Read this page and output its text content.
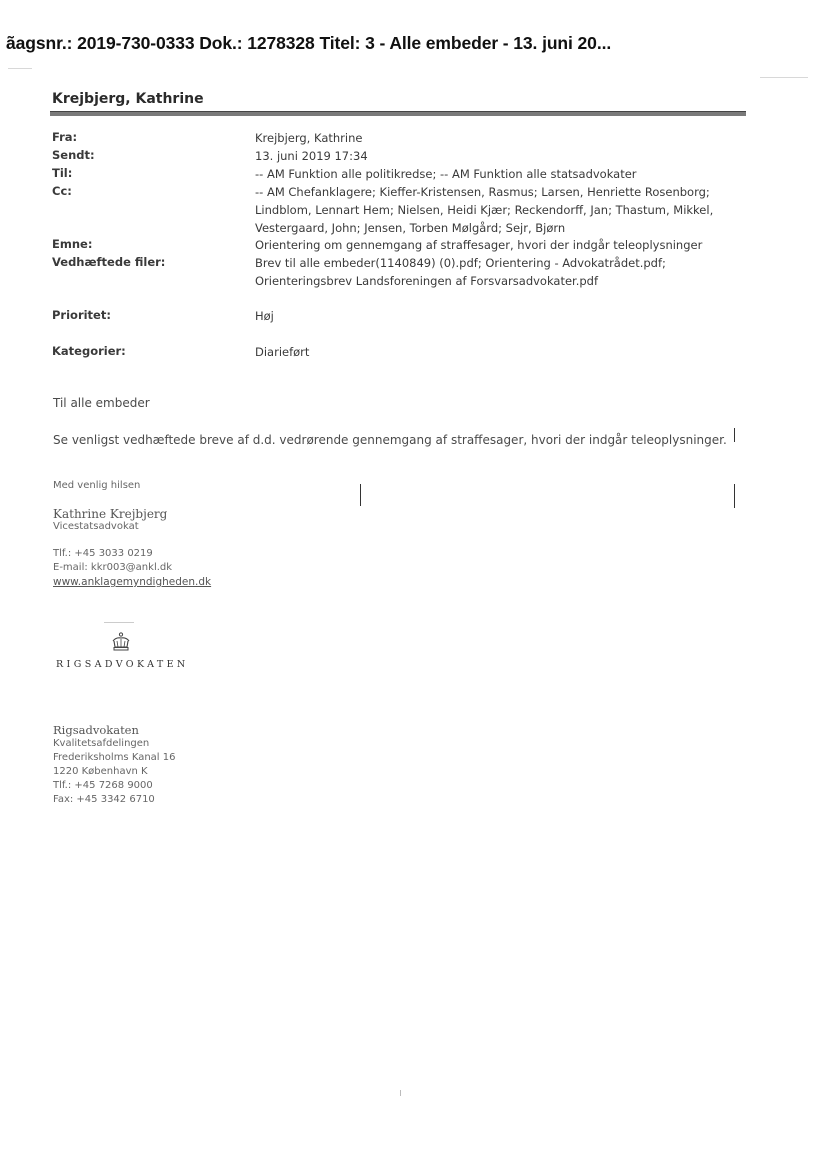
ãagsnr.: 2019-730-0333 Dok.: 1278328 Titel: 3 - Alle embeder - 13. juni 20...
Krejbjerg, Kathrine
Fra:	Krejbjerg, Kathrine
Sendt:	13. juni 2019 17:34
Til:	-- AM Funktion alle politikredse; -- AM Funktion alle statsadvokater
Cc:	-- AM Chefanklagere; Kieffer-Kristensen, Rasmus; Larsen, Henriette Rosenborg;
Lindblom, Lennart Hem; Nielsen, Heidi Kjær; Reckendorff, Jan; Thastum, Mikkel,
Vestergaard, John; Jensen, Torben Mølgård; Sejr, Bjørn
Emne:	Orientering om gennemgang af straffesager, hvori der indgår teleoplysninger
Vedhæftede filer:	Brev til alle embeder(1140849) (0).pdf; Orientering - Advokatrådet.pdf;
Orienteringsbrev Landsforeningen af Forsvarsadvokater.pdf
Prioritet:	Høj
Kategorier:	Diarieført
Til alle embeder
Se venligst vedhæftede breve af d.d. vedrørende gennemgang af straffesager, hvori der indgår teleoplysninger.
Med venlig hilsen
Kathrine Krejbjerg
Vicestatsadvokat
Tlf.: +45 3033 0219
E-mail: kkr003@ankl.dk
www.anklagemyndigheden.dk
RIGSADVOKATEN
Rigsadvokaten
Kvalitetsafdelingen
Frederiksholms Kanal 16
1220 København K
Tlf.: +45 7268 9000
Fax: +45 3342 6710
